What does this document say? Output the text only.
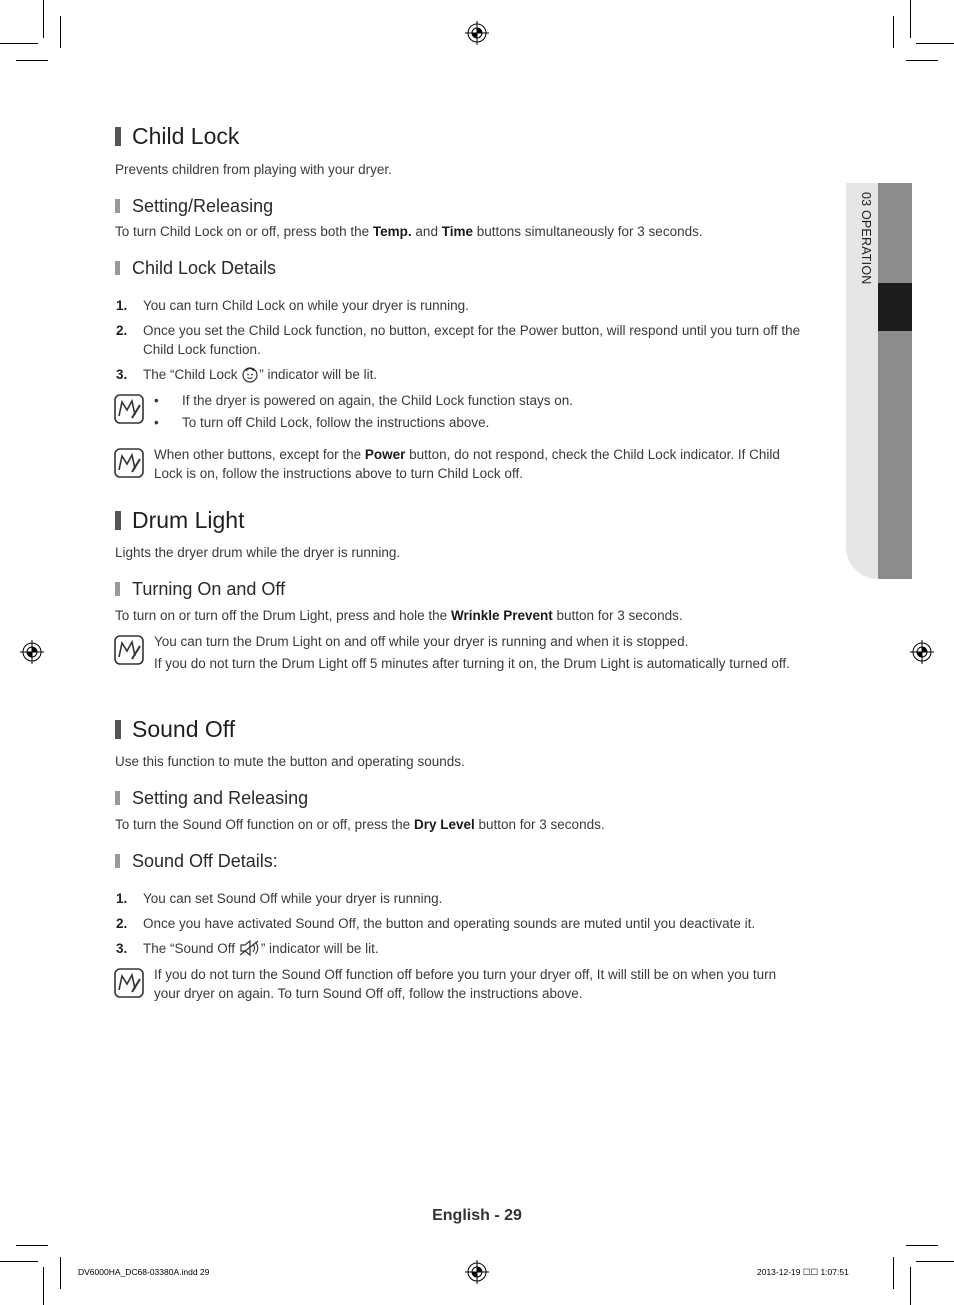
03 OPERATION
Child Lock
Prevents children from playing with your dryer.
Setting/Releasing
To turn Child Lock on or off, press both the Temp. and Time buttons simultaneously for 3 seconds.
Child Lock Details
1. You can turn Child Lock on while your dryer is running.
2. Once you set the Child Lock function, no button, except for the Power button, will respond until you turn off the Child Lock function.
3. The “Child Lock ” indicator will be lit.
• If the dryer is powered on again, the Child Lock function stays on.
• To turn off Child Lock, follow the instructions above.
When other buttons, except for the Power button, do not respond, check the Child Lock indicator. If Child Lock is on, follow the instructions above to turn Child Lock off.
Drum Light
Lights the dryer drum while the dryer is running.
Turning On and Off
To turn on or turn off the Drum Light, press and hole the Wrinkle Prevent button for 3 seconds.
You can turn the Drum Light on and off while your dryer is running and when it is stopped.
If you do not turn the Drum Light off 5 minutes after turning it on, the Drum Light is automatically turned off.
Sound Off
Use this function to mute the button and operating sounds.
Setting and Releasing
To turn the Sound Off function on or off, press the Dry Level button for 3 seconds.
Sound Off Details:
1. You can set Sound Off while your dryer is running.
2. Once you have activated Sound Off, the button and operating sounds are muted until you deactivate it.
3. The “Sound Off ” indicator will be lit.
If you do not turn the Sound Off function off before you turn your dryer off, It will still be on when you turn your dryer on again. To turn Sound Off off, follow the instructions above.
English - 29
DV6000HA_DC68-03380A.indd 29	2013-12-19 ☐☐ 1:07:51
